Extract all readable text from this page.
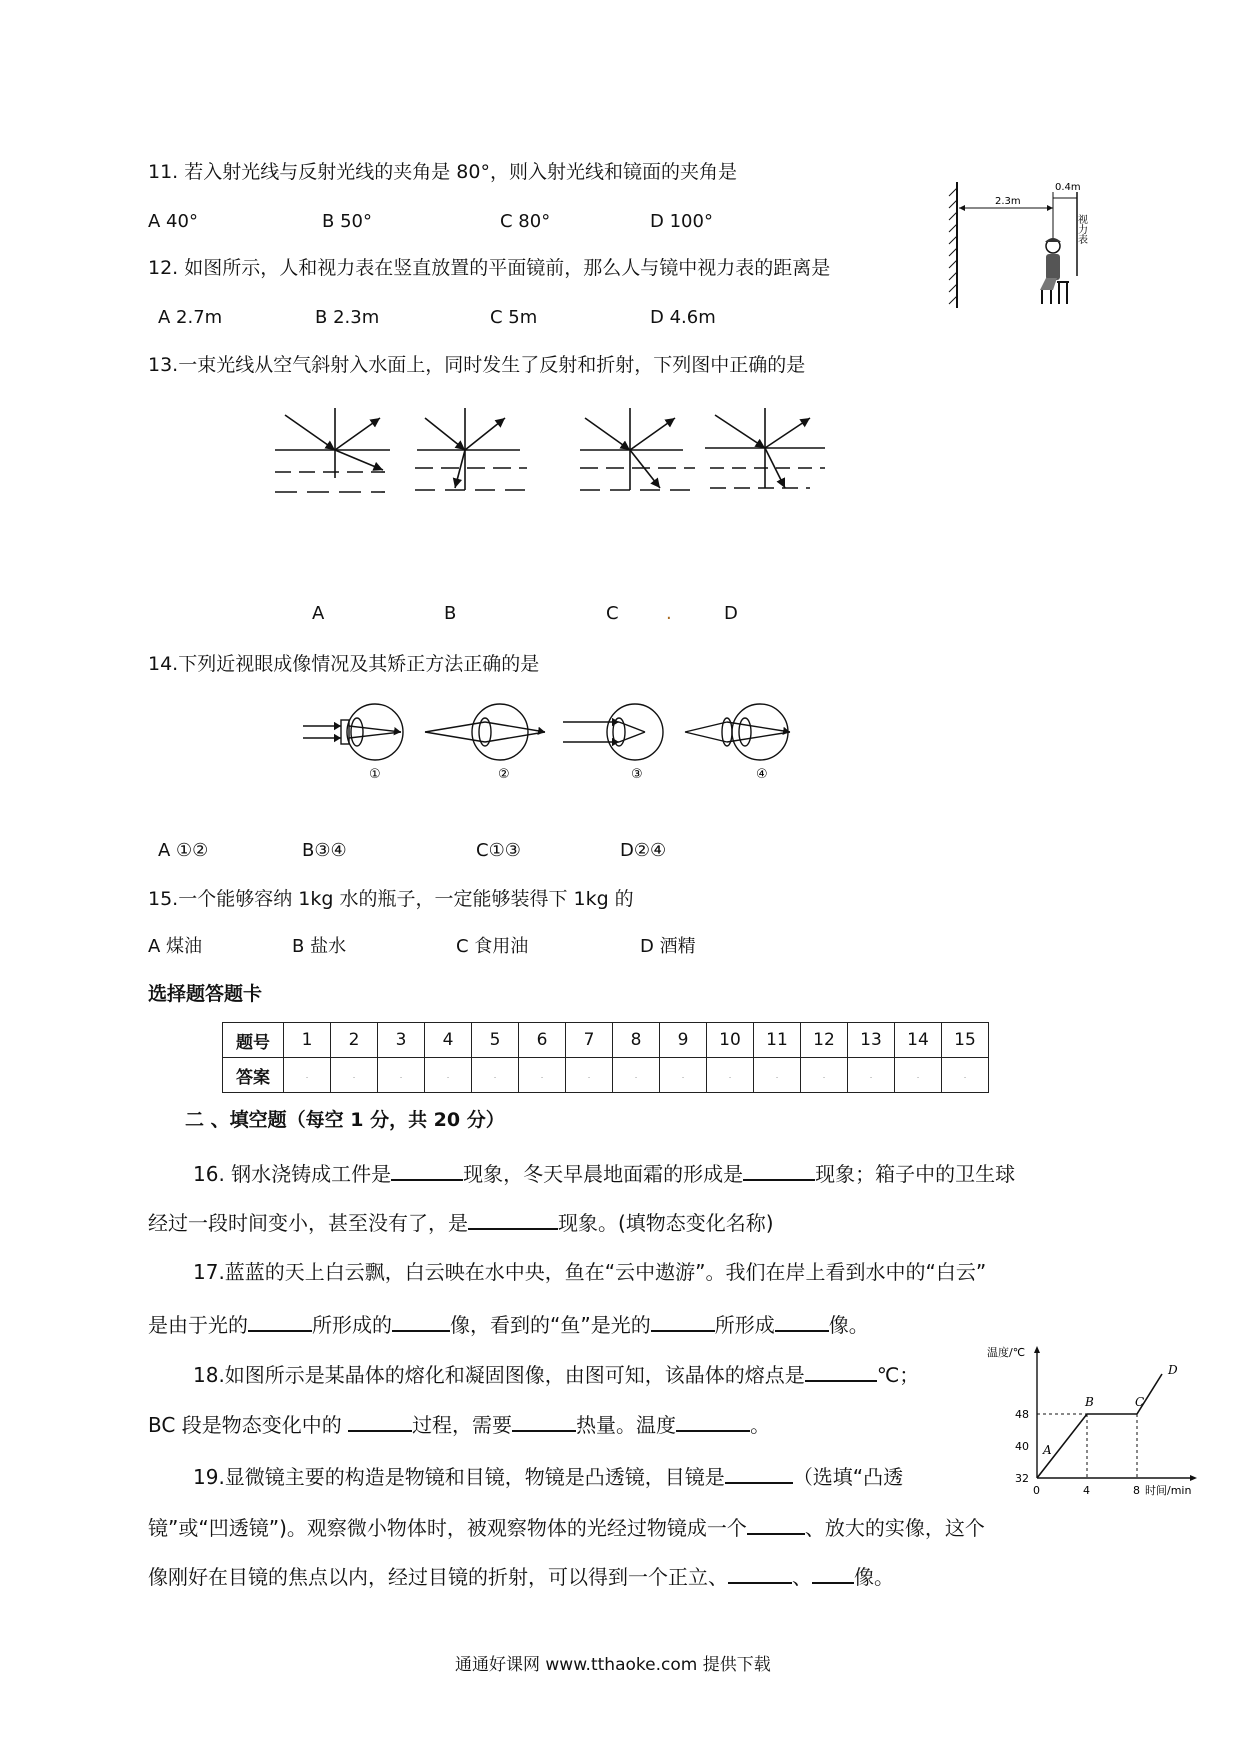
11. 若入射光线与反射光线的夹角是 80°，则入射光线和镜面的夹角是
A 40°	B 50°	C 80°	D 100°
2.3m
0.4m
视力表
12. 如图所示，人和视力表在竖直放置的平面镜前，那么人与镜中视力表的距离是
A 2.7m	B 2.3m	C 5m	D 4.6m
13.一束光线从空气斜射入水面上，同时发生了反射和折射，下列图中正确的是
A	B	C	.	D
14.下列近视眼成像情况及其矫正方法正确的是
①	②	③	④
A ①②	B③④	C①③	D②④
15.一个能够容纳 1kg 水的瓶子，一定能够装得下 1kg 的
A 煤油	B 盐水	C 食用油	D 酒精
选择题答题卡
题号	1	2	3	4	5	6	7	8	9	10	11	12	13	14	15
答案	.	.	.	.	.	.	.	.	.	.	.	.	.	.	.
二 、填空题（每空 1 分，共 20 分）
16. 钢水浇铸成工件是	现象，冬天早晨地面霜的形成是	现象；箱子中的卫生球
经过一段时间变小，甚至没有了，是	现象。(填物态变化名称)
17.蓝蓝的天上白云飘，白云映在水中央，鱼在“云中遨游”。我们在岸上看到水中的“白云”
是由于光的	所形成的	像，看到的“鱼”是光的	所形成	像。
18.如图所示是某晶体的熔化和凝固图像，由图可知，该晶体的熔点是	℃；
BC 段是物态变化中的	过程，需要	热量。温度	。
温度/℃
时间/min
0	4	8
32
40
48
A
B	C
D
19.显微镜主要的构造是物镜和目镜，物镜是凸透镜，目镜是	（选填“凸透
镜”或“凹透镜”)。观察微小物体时，被观察物体的光经过物镜成一个	、放大的实像，这个
像刚好在目镜的焦点以内，经过目镜的折射，可以得到一个正立、	、 像。
通通好课网 www.tthaoke.com 提供下载
